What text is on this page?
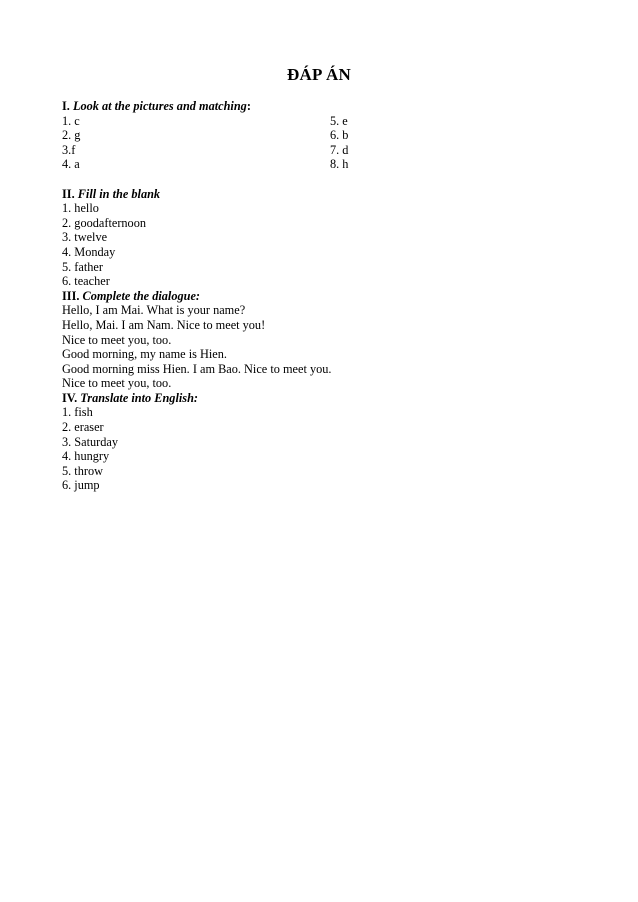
ĐÁP ÁN
I. Look at the pictures and matching:
1. c	5. e
2. g	6. b
3.f	7. d
4. a	8. h
II. Fill in the blank
1. hello
2. goodafternoon
3. twelve
4. Monday
5. father
6. teacher
III. Complete the dialogue:
Hello, I am Mai. What is your name?
Hello, Mai. I am Nam. Nice to meet you!
Nice to meet you, too.
Good morning, my name is Hien.
Good morning miss Hien. I am Bao. Nice to meet you.
Nice to meet you, too.
IV. Translate into English:
1. fish
2. eraser
3. Saturday
4. hungry
5. throw
6. jump
